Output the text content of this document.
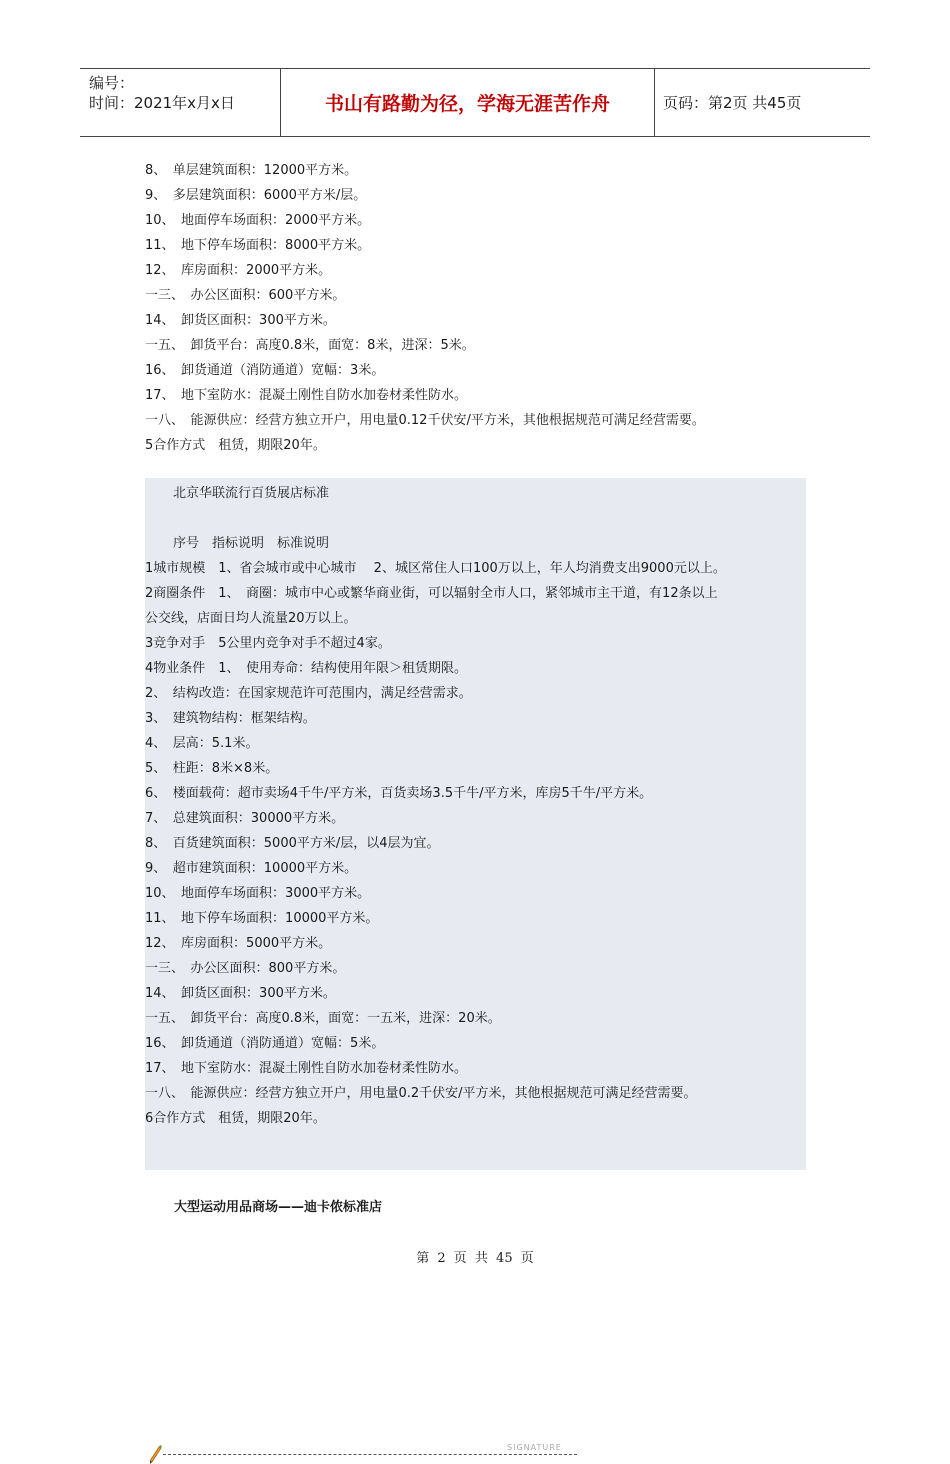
编号：
时间：2021年x月x日	书山有路勤为径，学海无涯苦作舟	页码：第2页 共45页

8、　单层建筑面积：12000平方米。

9、　多层建筑面积：6000平方米/层。

10、　地面停车场面积：2000平方米。

11、　地下停车场面积：8000平方米。

12、　库房面积：2000平方米。

一三、　办公区面积：600平方米。

14、　卸货区面积：300平方米。

一五、　卸货平台：高度0.8米，面宽：8米，进深：5米。

16、　卸货通道（消防通道）宽幅：3米。

17、　地下室防水：混凝土刚性自防水加卷材柔性防水。

一八、　能源供应：经营方独立开户，用电量0.12千伏安/平方米，其他根据规范可满足经营需要。

5合作方式　租赁，期限20年。

北京华联流行百货展店标准

序号　指标说明　标准说明

1城市规模　1、省会城市或中心城市　 2、城区常住人口100万以上，年人均消费支出9000元以上。

2商圈条件　1、　商圈：城市中心或繁华商业街，可以辐射全市人口，紧邻城市主干道，有12条以上

公交线，店面日均人流量20万以上。

3竞争对手　5公里内竞争对手不超过4家。

4物业条件　1、　使用寿命：结构使用年限＞租赁期限。

2、　结构改造：在国家规范许可范围内，满足经营需求。

3、　建筑物结构：框架结构。

4、　层高：5.1米。

5、　柱距：8米×8米。

6、　楼面载荷：超市卖场4千牛/平方米，百货卖场3.5千牛/平方米，库房5千牛/平方米。

7、　总建筑面积：30000平方米。

8、　百货建筑面积：5000平方米/层，以4层为宜。

9、　超市建筑面积：10000平方米。

10、　地面停车场面积：3000平方米。

11、　地下停车场面积：10000平方米。

12、　库房面积：5000平方米。

一三、　办公区面积：800平方米。

14、　卸货区面积：300平方米。

一五、　卸货平台：高度0.8米，面宽：一五米，进深：20米。

16、　卸货通道（消防通道）宽幅：5米。

17、　地下室防水：混凝土刚性自防水加卷材柔性防水。

一八、　能源供应：经营方独立开户，用电量0.2千伏安/平方米，其他根据规范可满足经营需要。

6合作方式　租赁，期限20年。

SIGNATURE
大型运动用品商场——迪卡侬标准店
第 2 页 共 45 页
